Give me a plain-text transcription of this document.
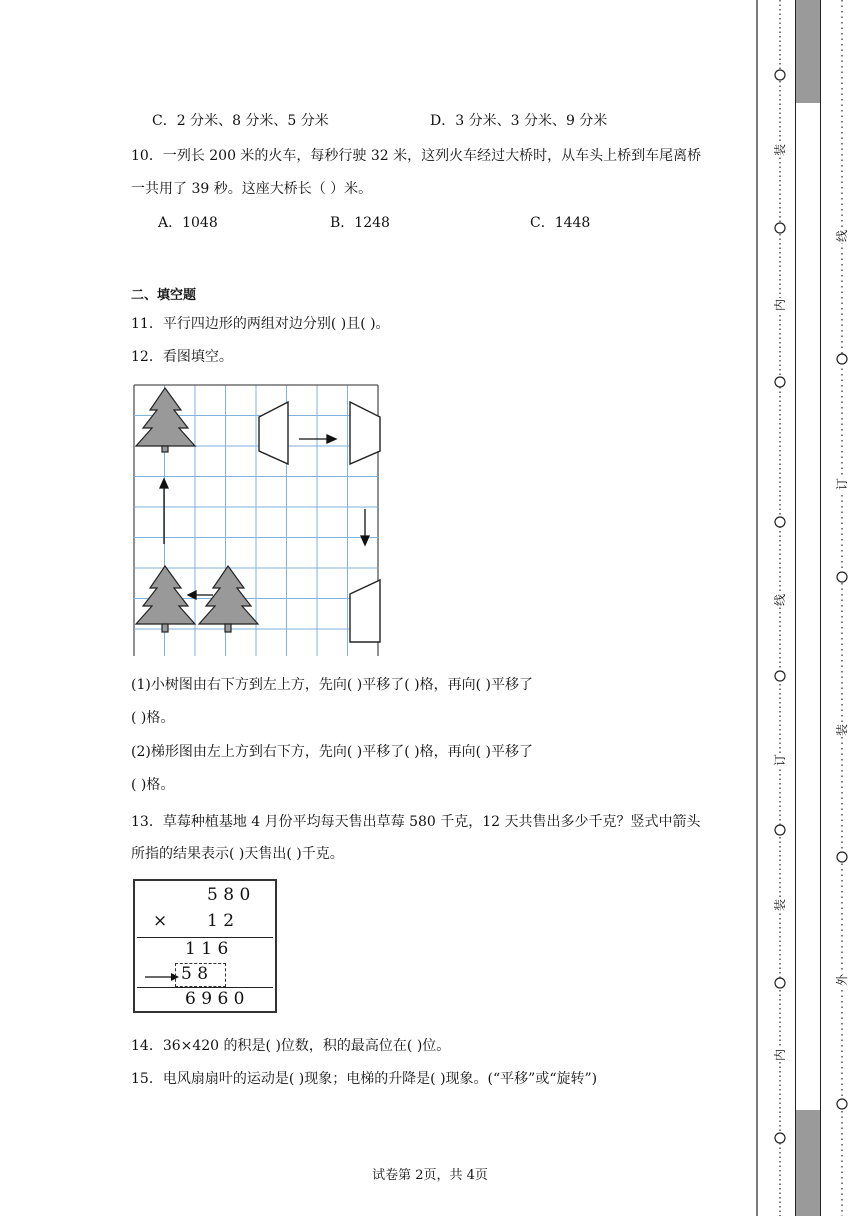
C．2 分米、8 分米、5 分米	D．3 分米、3 分米、9 分米
10．一列长 200 米的火车，每秒行驶 32 米，这列火车经过大桥时，从车头上桥到车尾离桥
一共用了 39 秒。这座大桥长（ ）米。
A．1048	B．1248	C．1448
二、填空题
11．平行四边形的两组对边分别( )且( )。
12．看图填空。
(1)小树图由右下方到左上方，先向( )平移了( )格，再向( )平移了
( )格。
(2)梯形图由左上方到右下方，先向( )平移了( )格，再向( )平移了
( )格。
13．草莓种植基地 4 月份平均每天售出草莓 580 千克，12 天共售出多少千克？竖式中箭头
所指的结果表示( )天售出( )千克。
5 8 0
× 1 2
1 1 6
5 8
6 9 6 0
14．36×420 的积是( )位数，积的最高位在( )位。
15．电风扇扇叶的运动是( )现象；电梯的升降是( )现象。(“平移”或“旋转”)
试卷第 2页，共 4页
装
内
线
订
装
内
线
订
装
外
